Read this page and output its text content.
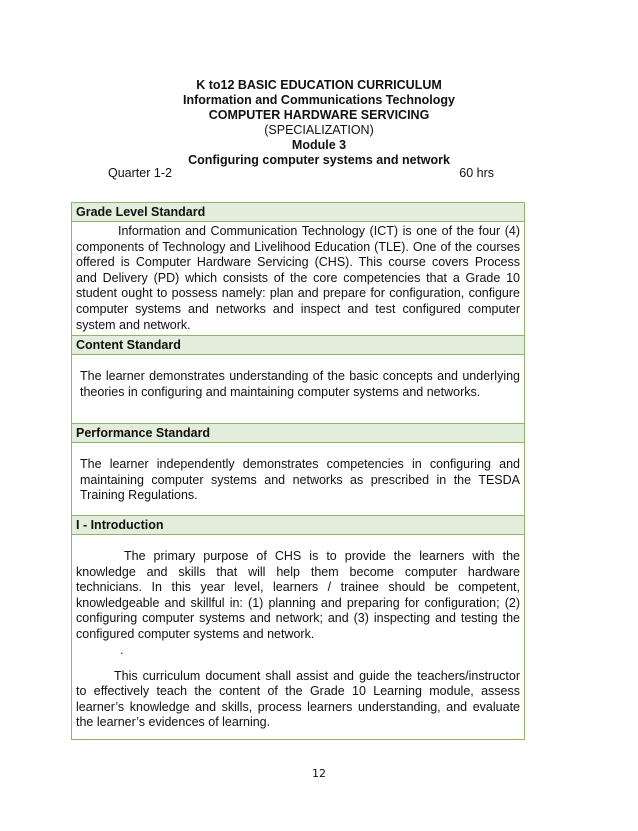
K to12 BASIC EDUCATION CURRICULUM
Information and Communications Technology
COMPUTER HARDWARE SERVICING
(SPECIALIZATION)
Module 3
Configuring computer systems and network
Quarter 1-2	60 hrs
Grade Level Standard

Information and Communication Technology (ICT) is one of the four (4) components of Technology and Livelihood Education (TLE). One of the courses offered is Computer Hardware Servicing (CHS). This course covers Process and Delivery (PD) which consists of the core competencies that a Grade 10 student ought to possess namely: plan and prepare for configuration, configure computer systems and networks and inspect and test configured computer system and network.

Content Standard

The learner demonstrates understanding of the basic concepts and underlying theories in configuring and maintaining computer systems and networks.

Performance Standard

The learner independently demonstrates competencies in configuring and maintaining computer systems and networks as prescribed in the TESDA Training Regulations.

I - Introduction

The primary purpose of CHS is to provide the learners with the knowledge and skills that will help them become computer hardware technicians. In this year level, learners / trainee should be competent, knowledgeable and skillful in: (1) planning and preparing for configuration; (2) configuring computer systems and network; and (3) inspecting and testing the configured computer systems and network.

.

This curriculum document shall assist and guide the teachers/instructor to effectively teach the content of the Grade 10 Learning module, assess learner’s knowledge and skills, process learners understanding, and evaluate the learner’s evidences of learning.

12
